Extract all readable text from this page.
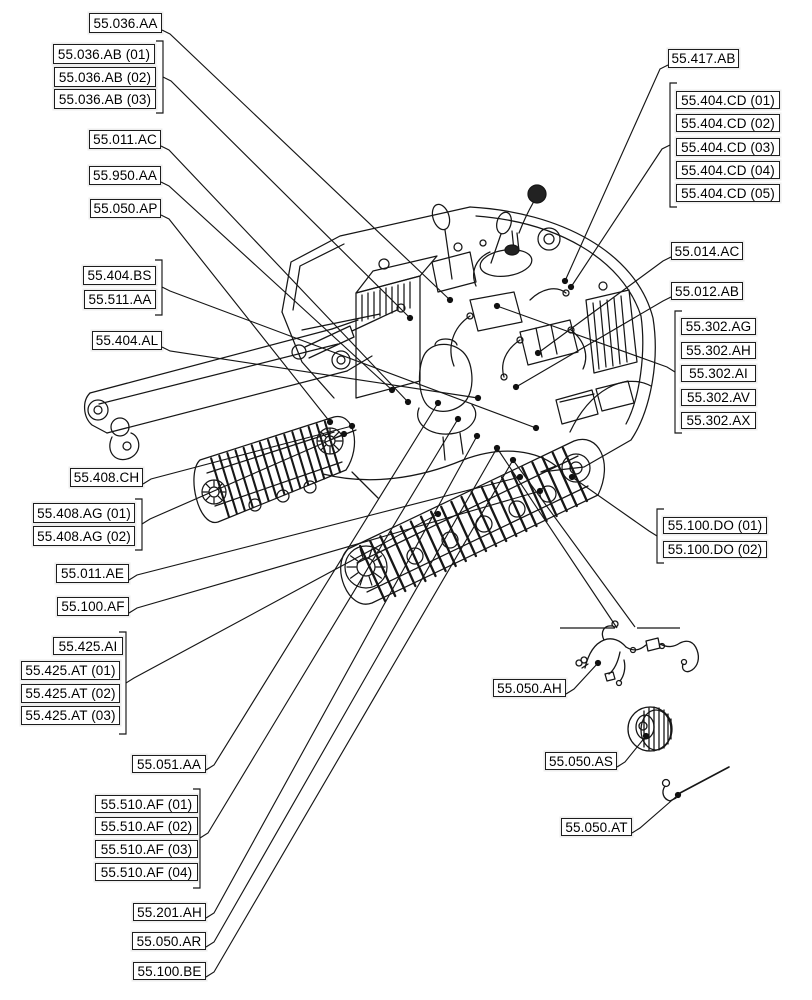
55.036.AA
55.036.AB (01)
55.036.AB (02)
55.036.AB (03)
55.011.AC
55.950.AA
55.050.AP
55.404.BS
55.511.AA
55.404.AL
55.408.CH
55.408.AG (01)
55.408.AG (02)
55.011.AE
55.100.AF
55.425.AI
55.425.AT (01)
55.425.AT (02)
55.425.AT (03)
55.051.AA
55.510.AF (01)
55.510.AF (02)
55.510.AF (03)
55.510.AF (04)
55.201.AH
55.050.AR
55.100.BE
55.417.AB
55.404.CD (01)
55.404.CD (02)
55.404.CD (03)
55.404.CD (04)
55.404.CD (05)
55.014.AC
55.012.AB
55.302.AG
55.302.AH
55.302.AI
55.302.AV
55.302.AX
55.100.DO (01)
55.100.DO (02)
55.050.AH
55.050.AS
55.050.AT
